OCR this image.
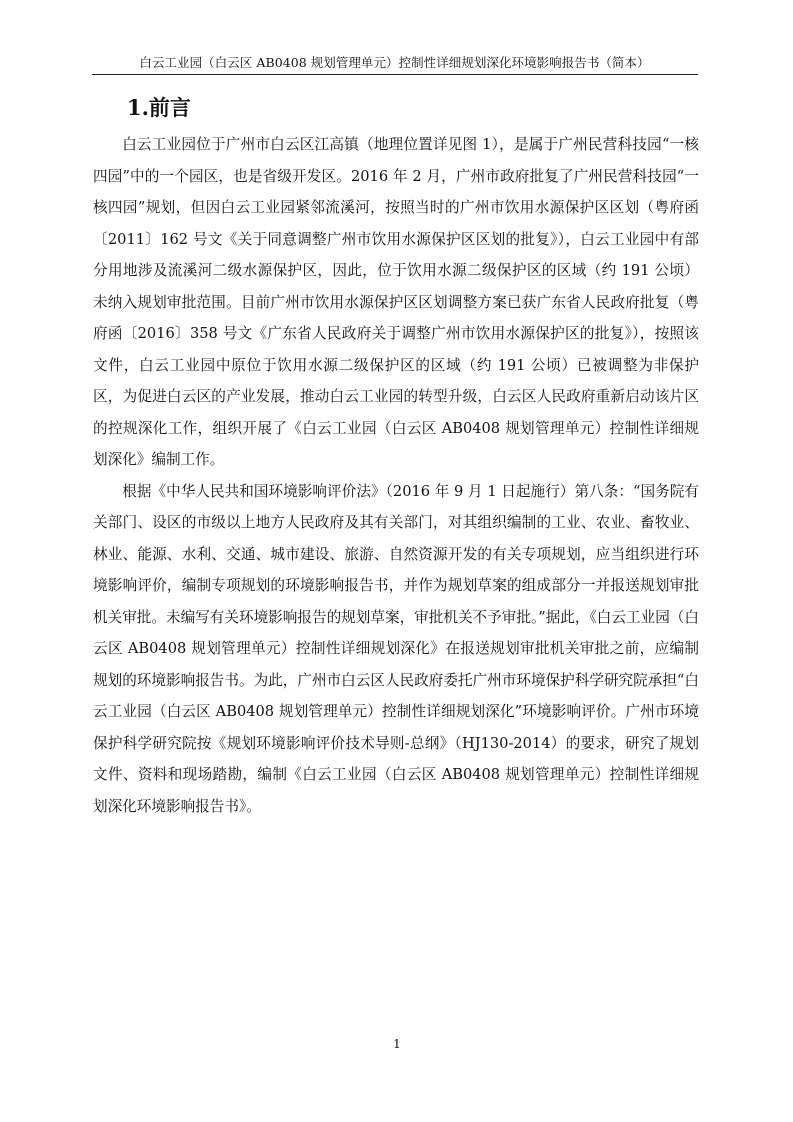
白云工业园（白云区 AB0408 规划管理单元）控制性详细规划深化环境影响报告书（简本）
1.前言

白云工业园位于广州市白云区江高镇（地理位置详见图 1），是属于广州民营科技园“一核四园”中的一个园区，也是省级开发区。2016 年 2 月，广州市政府批复了广州民营科技园“一核四园”规划，但因白云工业园紧邻流溪河，按照当时的广州市饮用水源保护区区划（粤府函〔2011〕162 号文《关于同意调整广州市饮用水源保护区区划的批复》），白云工业园中有部分用地涉及流溪河二级水源保护区，因此，位于饮用水源二级保护区的区域（约 191 公顷）未纳入规划审批范围。目前广州市饮用水源保护区区划调整方案已获广东省人民政府批复（粤府函〔2016〕358 号文《广东省人民政府关于调整广州市饮用水源保护区的批复》），按照该文件，白云工业园中原位于饮用水源二级保护区的区域（约 191 公顷）已被调整为非保护区，为促进白云区的产业发展，推动白云工业园的转型升级，白云区人民政府重新启动该片区的控规深化工作，组织开展了《白云工业园（白云区 AB0408 规划管理单元）控制性详细规划深化》编制工作。

根据《中华人民共和国环境影响评价法》（2016 年 9 月 1 日起施行）第八条：“国务院有关部门、设区的市级以上地方人民政府及其有关部门，对其组织编制的工业、农业、畜牧业、林业、能源、水利、交通、城市建设、旅游、自然资源开发的有关专项规划，应当组织进行环境影响评价，编制专项规划的环境影响报告书，并作为规划草案的组成部分一并报送规划审批机关审批。未编写有关环境影响报告的规划草案，审批机关不予审批。”据此，《白云工业园（白云区 AB0408 规划管理单元）控制性详细规划深化》在报送规划审批机关审批之前，应编制规划的环境影响报告书。为此，广州市白云区人民政府委托广州市环境保护科学研究院承担“白云工业园（白云区 AB0408 规划管理单元）控制性详细规划深化”环境影响评价。广州市环境保护科学研究院按《规划环境影响评价技术导则-总纲》（HJ130-2014）的要求，研究了规划文件、资料和现场踏勘，编制《白云工业园（白云区 AB0408 规划管理单元）控制性详细规划深化环境影响报告书》。

1
